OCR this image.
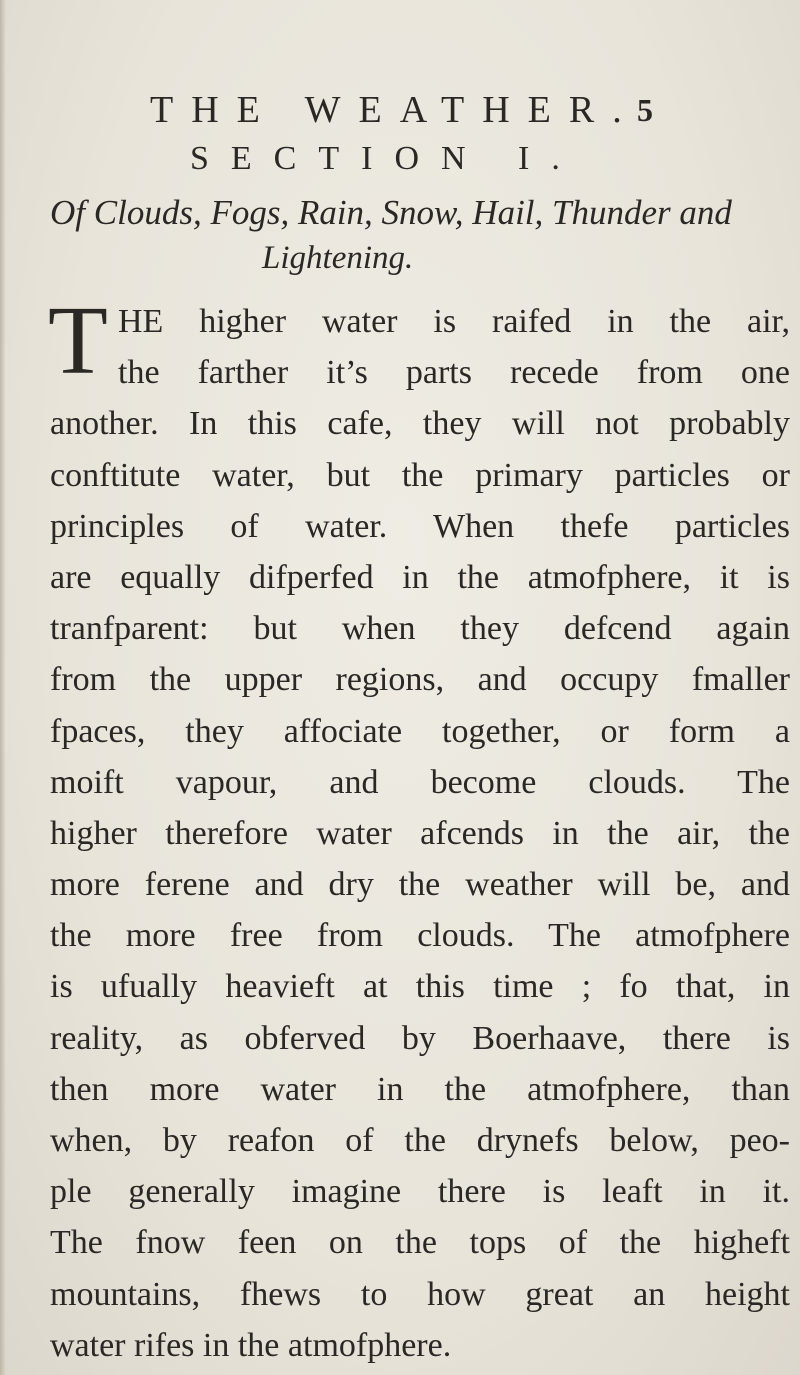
THE WEATHER.
5
SECTION I.
Of Clouds, Fogs, Rain, Snow, Hail, Thunder and
Lightening.
T HE higher water is raifed in the air,
the farther it’s parts recede from one
another. In this cafe, they will not probably
conftitute water, but the primary particles or
principles of water. When thefe particles
are equally difperfed in the atmofphere, it is
tranfparent: but when they defcend again
from the upper regions, and occupy fmaller
fpaces, they affociate together, or form a
moift vapour, and become clouds. The
higher therefore water afcends in the air, the
more ferene and dry the weather will be, and
the more free from clouds. The atmofphere
is ufually heavieft at this time ; fo that, in
reality, as obferved by Boerhaave, there is
then more water in the atmofphere, than
when, by reafon of the drynefs below, peo-
ple generally imagine there is leaft in it.
The fnow feen on the tops of the higheft
mountains, fhews to how great an height
water rifes in the atmofphere.
